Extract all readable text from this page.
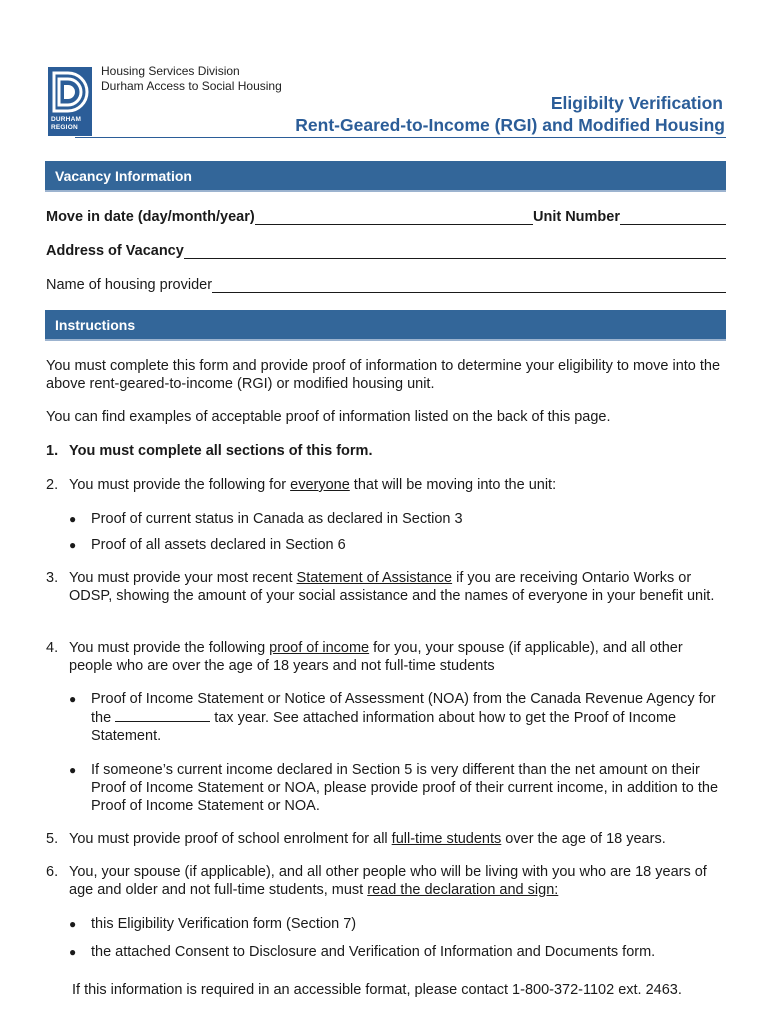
DURHAM
REGION
Housing Services Division
Durham Access to Social Housing
Eligibilty Verification
Rent-Geared-to-Income (RGI) and Modified Housing
Vacancy Information
Move in date (day/month/year)	Unit Number
Address of Vacancy
Name of housing provider
Instructions

You must complete this form and provide proof of information to determine your eligibility to move into the above rent-geared-to-income (RGI) or modified housing unit.

You can find examples of acceptable proof of information listed on the back of this page.

1. You must complete all sections of this form.

2. You must provide the following for everyone that will be moving into the unit:

● Proof of current status in Canada as declared in Section 3

● Proof of all assets declared in Section 6

3. You must provide your most recent Statement of Assistance if you are receiving Ontario Works or ODSP, showing the amount of your social assistance and the names of everyone in your benefit unit.

4. You must provide the following proof of income for you, your spouse (if applicable), and all other people who are over the age of 18 years and not full-time students

● Proof of Income Statement or Notice of Assessment (NOA) from the Canada Revenue Agency for the	tax year. See attached information about how to get the Proof of Income Statement.

● If someone’s current income declared in Section 5 is very different than the net amount on their Proof of Income Statement or NOA, please provide proof of their current income, in addition to the Proof of Income Statement or NOA.

5. You must provide proof of school enrolment for all full-time students over the age of 18 years.

6. You, your spouse (if applicable), and all other people who will be living with you who are 18 years of age and older and not full-time students, must read the declaration and sign:

● this Eligibility Verification form (Section 7)

● the attached Consent to Disclosure and Verification of Information and Documents form.

If this information is required in an accessible format, please contact 1-800-372-1102 ext. 2463.
